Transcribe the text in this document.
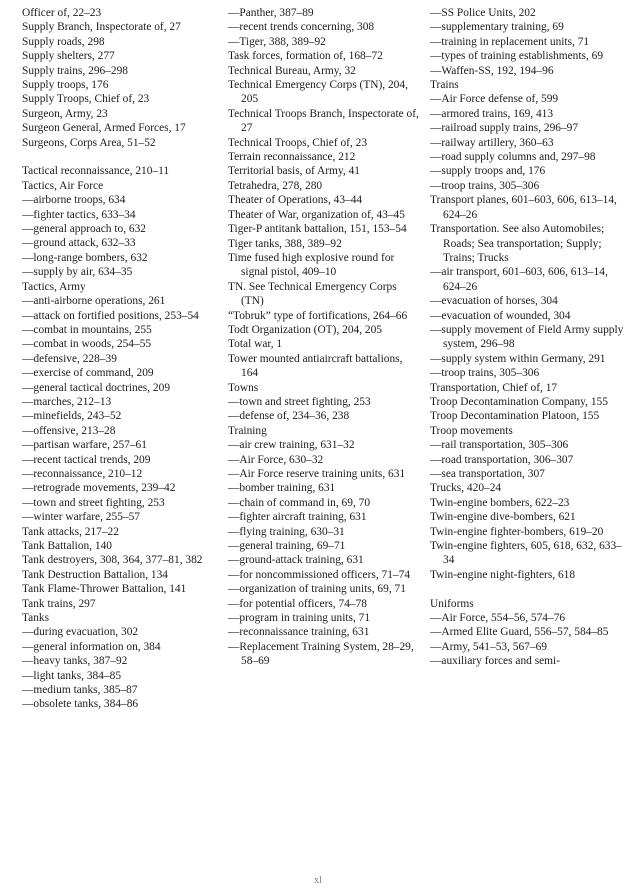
Officer of, 22–23
Supply Branch, Inspectorate of, 27
Supply roads, 298
Supply shelters, 277
Supply trains, 296–298
Supply troops, 176
Supply Troops, Chief of, 23
Surgeon, Army, 23
Surgeon General, Armed Forces, 17
Surgeons, Corps Area, 51–52
Tactical reconnaissance, 210–11
Tactics, Air Force
—airborne troops, 634
—fighter tactics, 633–34
—general approach to, 632
—ground attack, 632–33
—long-range bombers, 632
—supply by air, 634–35
Tactics, Army
—anti-airborne operations, 261
—attack on fortified positions, 253–54
—combat in mountains, 255
—combat in woods, 254–55
—defensive, 228–39
—exercise of command, 209
—general tactical doctrines, 209
—marches, 212–13
—minefields, 243–52
—offensive, 213–28
—partisan warfare, 257–61
—recent tactical trends, 209
—reconnaissance, 210–12
—retrograde movements, 239–42
—town and street fighting, 253
—winter warfare, 255–57
Tank attacks, 217–22
Tank Battalion, 140
Tank destroyers, 308, 364, 377–81, 382
Tank Destruction Battalion, 134
Tank Flame-Thrower Battalion, 141
Tank trains, 297
Tanks
—during evacuation, 302
—general information on, 384
—heavy tanks, 387–92
—light tanks, 384–85
—medium tanks, 385–87
—obsolete tanks, 384–86
—Panther, 387–89
—recent trends concerning, 308
—Tiger, 388, 389–92
Task forces, formation of, 168–72
Technical Bureau, Army, 32
Technical Emergency Corps (TN), 204, 205
Technical Troops Branch, Inspectorate of, 27
Technical Troops, Chief of, 23
Terrain reconnaissance, 212
Territorial basis, of Army, 41
Tetrahedra, 278, 280
Theater of Operations, 43–44
Theater of War, organization of, 43–45
Tiger-P antitank battalion, 151, 153–54
Tiger tanks, 388, 389–92
Time fused high explosive round for signal pistol, 409–10
TN. See Technical Emergency Corps (TN)
“Tobruk” type of fortifications, 264–66
Todt Organization (OT), 204, 205
Total war, 1
Tower mounted antiaircraft battalions, 164
Towns
—town and street fighting, 253
—defense of, 234–36, 238
Training
—air crew training, 631–32
—Air Force, 630–32
—Air Force reserve training units, 631
—bomber training, 631
—chain of command in, 69, 70
—fighter aircraft training, 631
—flying training, 630–31
—general training, 69–71
—ground-attack training, 631
—for noncommissioned officers, 71–74
—organization of training units, 69, 71
—for potential officers, 74–78
—program in training units, 71
—reconnaissance training, 631
—Replacement Training System, 28–29, 58–69
—SS Police Units, 202
—supplementary training, 69
—training in replacement units, 71
—types of training establishments, 69
—Waffen-SS, 192, 194–96
Trains
—Air Force defense of, 599
—armored trains, 169, 413
—railroad supply trains, 296–97
—railway artillery, 360–63
—road supply columns and, 297–98
—supply troops and, 176
—troop trains, 305–306
Transport planes, 601–603, 606, 613–14, 624–26
Transportation. See also Automobiles; Roads; Sea transportation; Supply; Trains; Trucks
—air transport, 601–603, 606, 613–14, 624–26
—evacuation of horses, 304
—evacuation of wounded, 304
—supply movement of Field Army supply system, 296–98
—supply system within Germany, 291
—troop trains, 305–306
Transportation, Chief of, 17
Troop Decontamination Company, 155
Troop Decontamination Platoon, 155
Troop movements
—rail transportation, 305–306
—road transportation, 306–307
—sea transportation, 307
Trucks, 420–24
Twin-engine bombers, 622–23
Twin-engine dive-bombers, 621
Twin-engine fighter-bombers, 619–20
Twin-engine fighters, 605, 618, 632, 633–34
Twin-engine night-fighters, 618
Uniforms
—Air Force, 554–56, 574–76
—Armed Elite Guard, 556–57, 584–85
—Army, 541–53, 567–69
—auxiliary forces and semi-
xl
